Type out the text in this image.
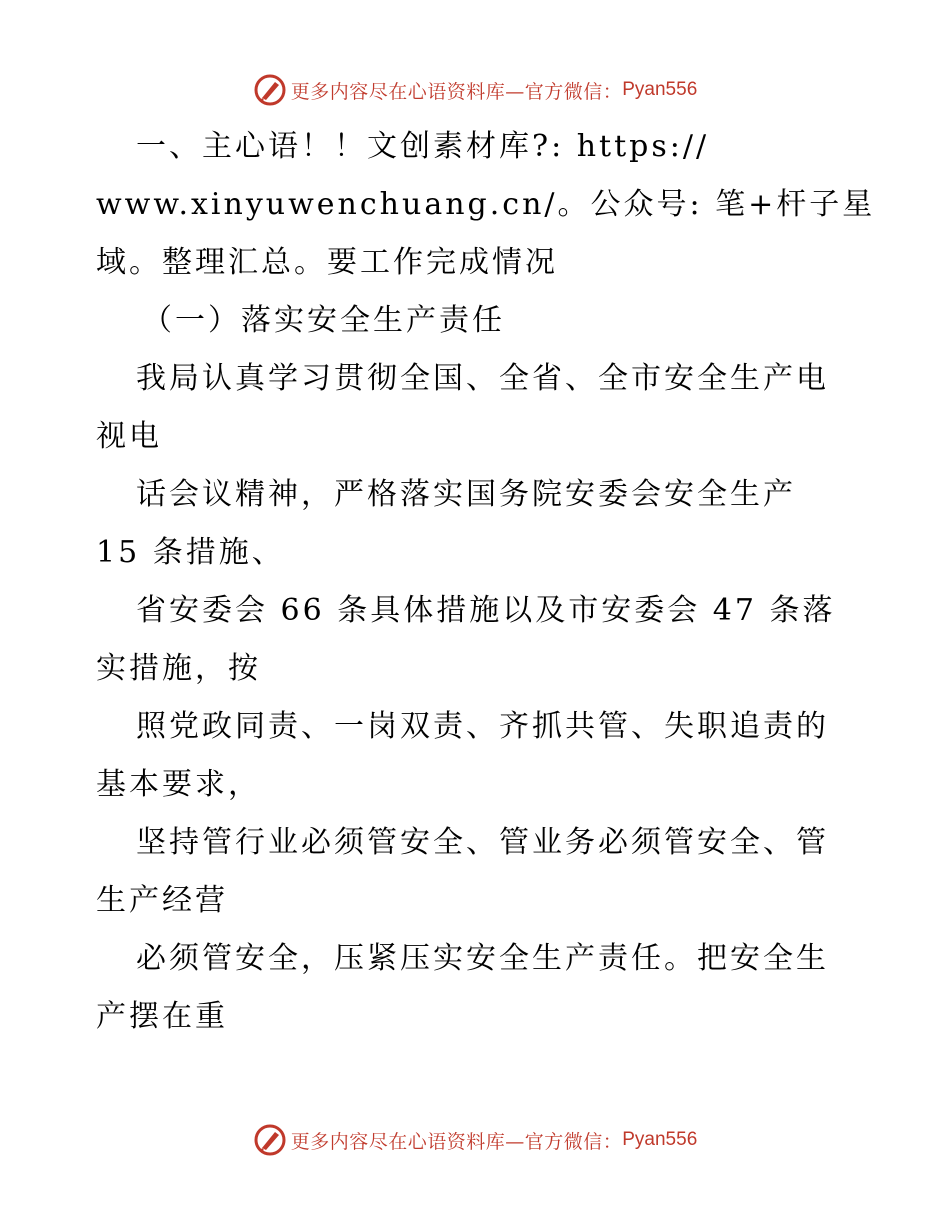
更多内容尽在心语资料库—官方微信： Pyan556
一、主心语！！文创素材库?: https://
www.xinyuwenchuang.cn/。公众号: 笔+杆子星
域。整理汇总。要工作完成情况
（一）落实安全生产责任
我局认真学习贯彻全国、全省、全市安全生产电
视电
话会议精神，严格落实国务院安委会安全生产
15 条措施、
省安委会 66 条具体措施以及市安委会 47 条落
实措施，按
照党政同责、一岗双责、齐抓共管、失职追责的
基本要求，
坚持管行业必须管安全、管业务必须管安全、管
生产经营
必须管安全，压紧压实安全生产责任。把安全生
产摆在重
更多内容尽在心语资料库—官方微信： Pyan556
